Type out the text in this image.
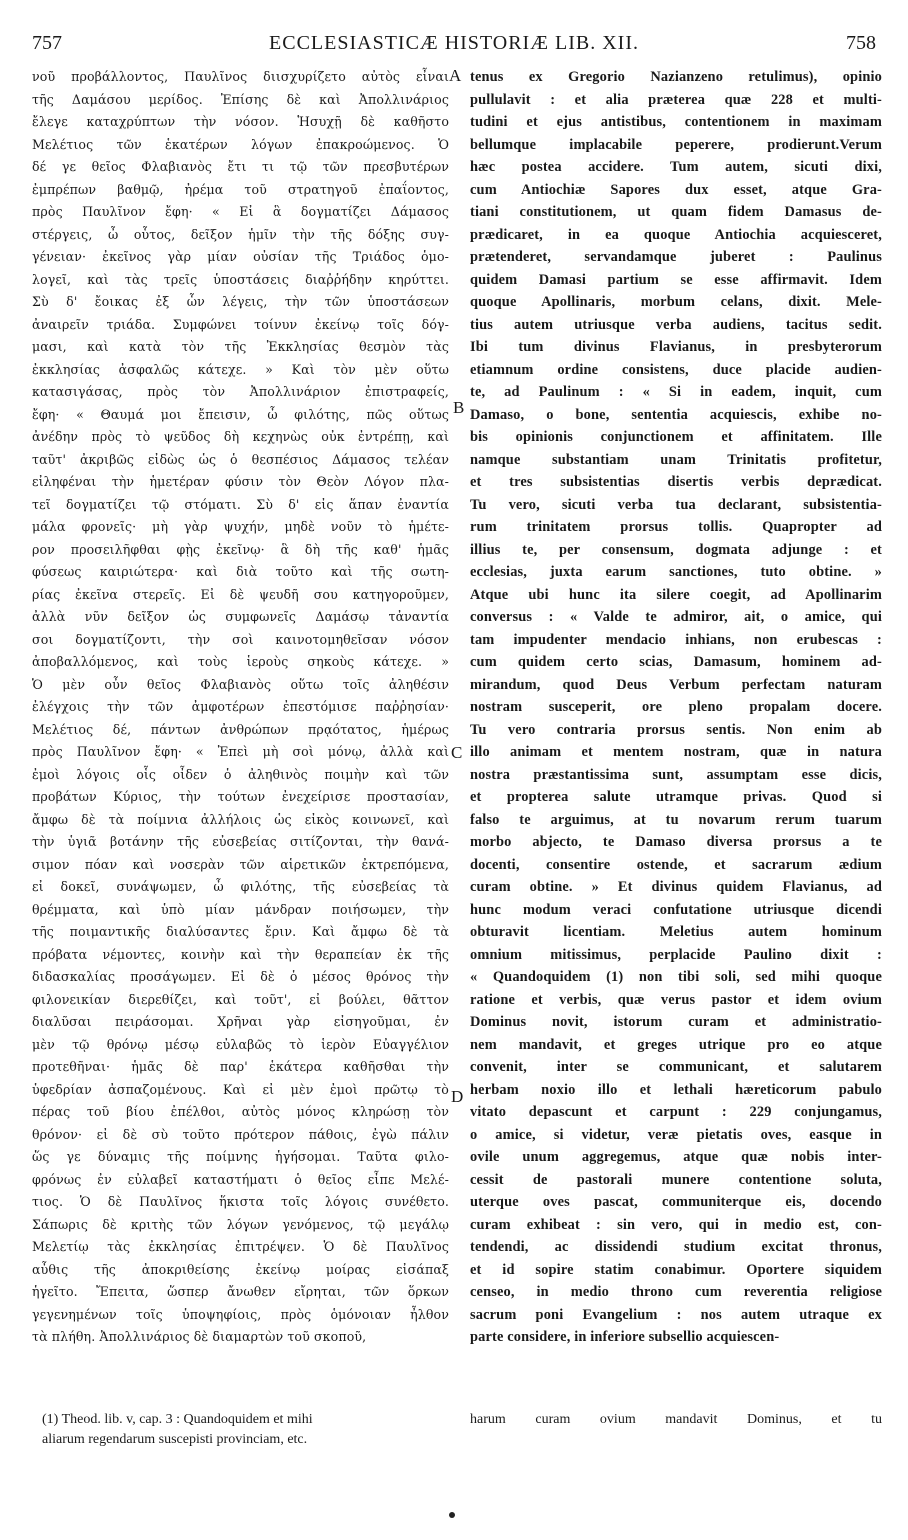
757	ECCLESIASTICÆ HISTORIÆ LIB. XII.	758
νοῦ προβάλλοντος, Παυλῖνος διισχυρίζετο αὐτὸς εἶναι
τῆς Δαμάσου μερίδος. Ἐπίσης δὲ καὶ Ἀπολλινάριος
ἔλεγε καταχρύπτων τὴν νόσον. Ἡσυχῇ δὲ καθῆστο
Μελέτιος τῶν ἑκατέρων λόγων ἐπακροώμενος. Ὁ
δέ γε θεῖος Φλαβιανὸς ἔτι τι τῷ τῶν πρεσβυτέρων
ἐμπρέπων βαθμῷ, ἠρέμα τοῦ στρατηγοῦ ἐπαΐοντος,
πρὸς Παυλῖνον ἔφη· « Εἰ ἃ δογματίζει Δάμασος
στέργεις, ὦ οὗτος, δεῖξον ἡμῖν τὴν τῆς δόξης συγ-
γένειαν· ἐκεῖνος γὰρ μίαν οὐσίαν τῆς Τριάδος ὁμο-
λογεῖ, καὶ τὰς τρεῖς ὑποστάσεις διαῤῥήδην κηρύττει.
Σὺ δ' ἔοικας ἐξ ὧν λέγεις, τὴν τῶν ὑποστάσεων
ἀναιρεῖν τριάδα. Συμφώνει τοίνυν ἐκείνῳ τοῖς δόγ-
μασι, καὶ κατὰ τὸν τῆς Ἐκκλησίας θεσμὸν τὰς
ἐκκλησίας ἀσφαλῶς κάτεχε. » Καὶ τὸν μὲν οὕτω
κατασιγάσας, πρὸς τὸν Ἀπολλινάριον ἐπιστραφείς,
ἔφη· « Θαυμά μοι ἔπεισιν, ὦ φιλότης, πῶς οὕτως
ἀνέδην πρὸς τὸ ψεῦδος δὴ κεχηνὼς οὐκ ἐντρέπῃ, καὶ
ταῦτ' ἀκριβῶς εἰδὼς ὡς ὁ θεσπέσιος Δάμασος τελέαν
εἰληφέναι τὴν ἡμετέραν φύσιν τὸν Θεὸν Λόγον πλα-
τεῖ δογματίζει τῷ στόματι. Σὺ δ' εἰς ἅπαν ἐναντία
μάλα φρονεῖς· μὴ γὰρ ψυχήν, μηδὲ νοῦν τὸ ἡμέτε-
ρον προσειλῆφθαι φῂς ἐκεῖνῳ· ἃ δὴ τῆς καθ' ἡμᾶς
φύσεως καιριώτερα· καὶ διὰ τοῦτο καὶ τῆς σωτη-
ρίας ἐκεῖνα στερεῖς. Εἰ δὲ ψευδῆ σου κατηγοροῦμεν,
ἀλλὰ νῦν δεῖξον ὡς συμφωνεῖς Δαμάσῳ τἀναντία
σοι δογματίζοντι, τὴν σοὶ καινοτομηθεῖσαν νόσον
ἀποβαλλόμενος, καὶ τοὺς ἱεροὺς σηκοὺς κάτεχε. »
Ὁ μὲν οὖν θεῖος Φλαβιανὸς οὕτω τοῖς ἀληθέσιν
ἐλέγχοις τὴν τῶν ἀμφοτέρων ἐπεστόμισε παῤῥησίαν·
Μελέτιος δέ, πάντων ἀνθρώπων πρᾳότατος, ἡμέρως
πρὸς Παυλῖνον ἔφη· « Ἐπεὶ μὴ σοὶ μόνῳ, ἀλλὰ καὶ
ἐμοὶ λόγοις οἷς οἶδεν ὁ ἀληθινὸς ποιμὴν καὶ τῶν
προβάτων Κύριος, τὴν τούτων ἐνεχείρισε προστασίαν,
ἄμφω δὲ τὰ ποίμνια ἀλλήλοις ὡς εἰκὸς κοινωνεῖ, καὶ
τὴν ὑγιᾶ βοτάνην τῆς εὐσεβείας σιτίζονται, τὴν θανά-
σιμον πόαν καὶ νοσερὰν τῶν αἱρετικῶν ἐκτρεπόμενα,
εἰ δοκεῖ, συνάψωμεν, ὦ φιλότης, τῆς εὐσεβείας τὰ
θρέμματα, καὶ ὑπὸ μίαν μάνδραν ποιήσωμεν, τὴν
τῆς ποιμαντικῆς διαλύσαντες ἔριν. Καὶ ἄμφω δὲ τὰ
πρόβατα νέμοντες, κοινὴν καὶ τὴν θεραπείαν ἐκ τῆς
διδασκαλίας προσάγωμεν. Εἰ δὲ ὁ μέσος θρόνος τὴν
φιλονεικίαν διερεθίζει, καὶ τοῦτ', εἰ βούλει, θᾶττον
διαλῦσαι πειράσομαι. Χρῆναι γὰρ εἰσηγοῦμαι, ἐν
μὲν τῷ θρόνῳ μέσῳ εὐλαβῶς τὸ ἱερὸν Εὐαγγέλιον
προτεθῆναι· ἡμᾶς δὲ παρ' ἑκάτερα καθῆσθαι τὴν
ὑφεδρίαν ἀσπαζομένους. Καὶ εἰ μὲν ἐμοὶ πρῶτῳ τὸ
πέρας τοῦ βίου ἐπέλθοι, αὐτὸς μόνος κληρώσῃ τὸν
θρόνον· εἰ δὲ σὺ τοῦτο πρότερον πάθοις, ἐγὼ πάλιν
ὥς γε δύναμις τῆς ποίμνης ἡγήσομαι. Ταῦτα φιλο-
φρόνως ἐν εὐλαβεῖ καταστήματι ὁ θεῖος εἶπε Μελέ-
τιος. Ὁ δὲ Παυλῖνος ἥκιστα τοῖς λόγοις συνέθετο.
Σάπωρις δὲ κριτὴς τῶν λόγων γενόμενος, τῷ μεγάλῳ
Μελετίῳ τὰς ἐκκλησίας ἐπιτρέψεν. Ὁ δὲ Παυλῖνος
αὖθις τῆς ἀποκριθείσης ἐκείνῳ μοίρας εἰσάπαξ
ἡγεῖτο. Ἔπειτα, ὥσπερ ἄνωθεν εἴρηται, τῶν ὅρκων
γεγενημένων τοῖς ὑποψηφίοις, πρὸς ὁμόνοιαν ἦλθον
τὰ πλήθη. Ἀπολλινάριος δὲ διαμαρτὼν τοῦ σκοποῦ,
tenus ex Gregorio Nazianzeno retulimus), opinio
pullulavit : et alia præterea quæ 228 et multi-
tudini et ejus antistibus, contentionem in maximam
bellumque implacabile peperere, prodierunt.Verum
hæc postea accidere. Tum autem, sicuti dixi,
cum Antiochiæ Sapores dux esset, atque Gra-
tiani constitutionem, ut quam fidem Damasus de-
prædicaret, in ea quoque Antiochia acquiesceret,
prætenderet, servandamque juberet : Paulinus
quidem Damasi partium se esse affirmavit. Idem
quoque Apollinaris, morbum celans, dixit. Mele-
tius autem utriusque verba audiens, tacitus sedit.
Ibi tum divinus Flavianus, in presbyterorum
etiamnum ordine consistens, duce placide audien-
te, ad Paulinum : « Si in eadem, inquit, cum
Damaso, o bone, sententia acquiescis, exhibe no-
bis opinionis conjunctionem et affinitatem. Ille
namque substantiam unam Trinitatis profitetur,
et tres subsistentias disertis verbis deprædicat.
Tu vero, sicuti verba tua declarant, subsistentia-
rum trinitatem prorsus tollis. Quapropter ad
illius te, per consensum, dogmata adjunge : et
ecclesias, juxta earum sanctiones, tuto obtine. »
Atque ubi hunc ita silere coegit, ad Apollinarim
conversus : « Valde te admiror, ait, o amice, qui
tam impudenter mendacio inhians, non erubescas :
cum quidem certo scias, Damasum, hominem ad-
mirandum, quod Deus Verbum perfectam naturam
nostram susceperit, ore pleno propalam docere.
Tu vero contraria prorsus sentis. Non enim ab
illo animam et mentem nostram, quæ in natura
nostra præstantissima sunt, assumptam esse dicis,
et propterea salute utramque privas. Quod si
falso te arguimus, at tu novarum rerum tuarum
morbo abjecto, te Damaso diversa prorsus a te
docenti, consentire ostende, et sacrarum ædium
curam obtine. » Et divinus quidem Flavianus, ad
hunc modum veraci confutatione utriusque dicendi
obturavit licentiam. Meletius autem hominum
omnium mitissimus, perplacide Paulino dixit :
« Quandoquidem (1) non tibi soli, sed mihi quoque
ratione et verbis, quæ verus pastor et idem ovium
Dominus novit, istorum curam et administratio-
nem mandavit, et greges utrique pro eo atque
convenit, inter se communicant, et salutarem
herbam noxio illo et lethali hæreticorum pabulo
vitato depascunt et carpunt : 229 conjungamus,
o amice, si videtur, veræ pietatis oves, easque in
ovile unum aggregemus, atque quæ nobis inter-
cessit de pastorali munere contentione soluta,
uterque oves pascat, communiterque eis, docendo
curam exhibeat : sin vero, qui in medio est, con-
tendendi, ac dissidendi studium excitat thronus,
et id sopire statim conabimur. Oportere siquidem
censeo, in medio throno cum reverentia religiose
sacrum poni Evangelium : nos autem utraque ex
parte considere, in inferiore subsellio acquiescen-
A
B
C
D
(1) Theod. lib. v, cap. 3 : Quandoquidem et mihi
aliarum regendarum suscepisti provinciam, etc.
harum curam ovium mandavit Dominus, et tu
